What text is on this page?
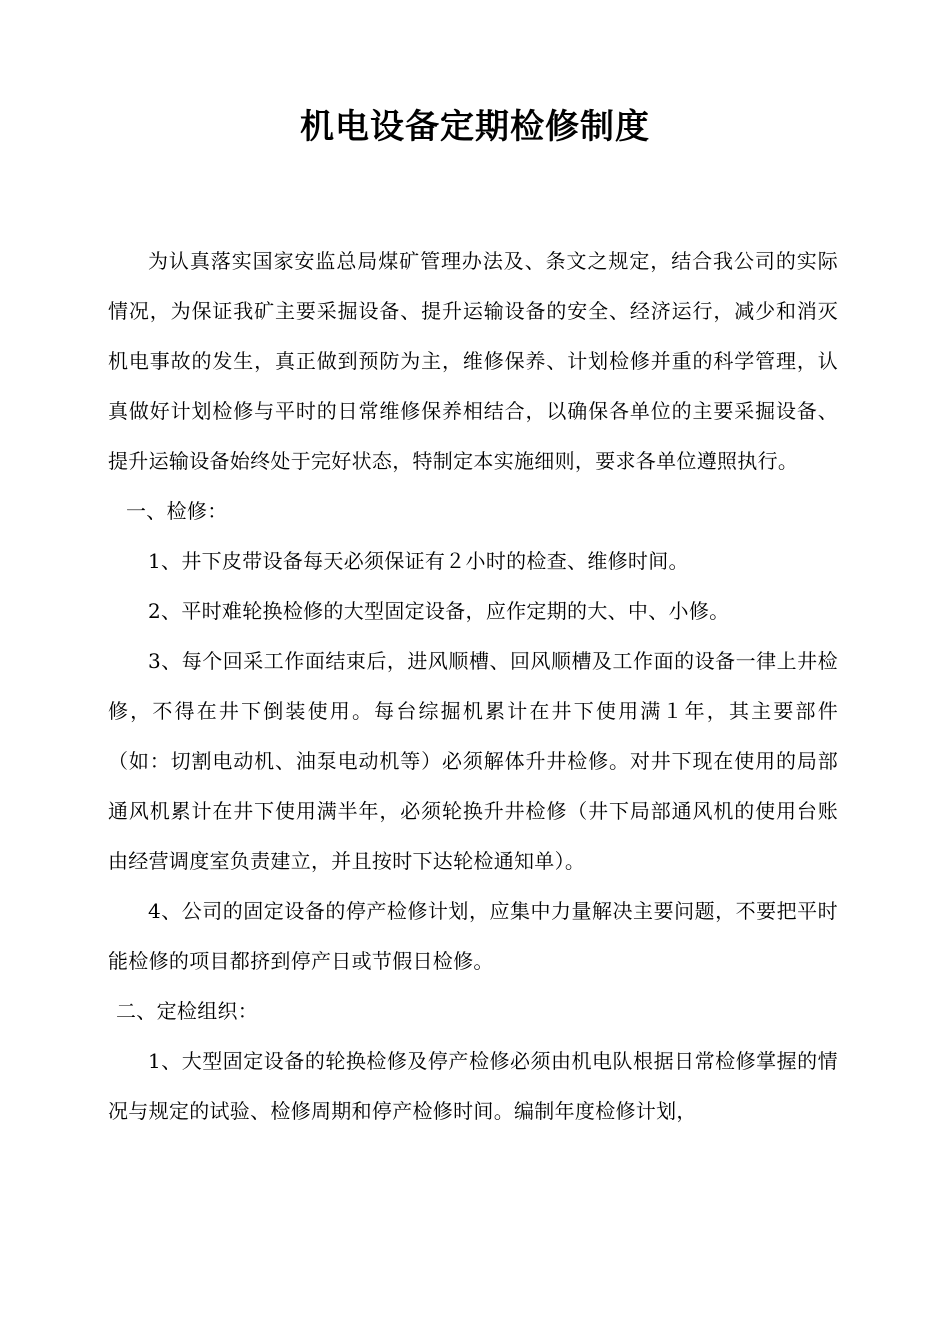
机电设备定期检修制度

为认真落实国家安监总局煤矿管理办法及、条文之规定，结合我公司的实际情况，为保证我矿主要采掘设备、提升运输设备的安全、经济运行，减少和消灭机电事故的发生，真正做到预防为主，维修保养、计划检修并重的科学管理，认真做好计划检修与平时的日常维修保养相结合，以确保各单位的主要采掘设备、提升运输设备始终处于完好状态，特制定本实施细则，要求各单位遵照执行。

一、检修：

1、井下皮带设备每天必须保证有２小时的检查、维修时间。

2、平时难轮换检修的大型固定设备，应作定期的大、中、小修。

3、每个回采工作面结束后，进风顺槽、回风顺槽及工作面的设备一律上井检修，不得在井下倒装使用。每台综掘机累计在井下使用满１年，其主要部件（如：切割电动机、油泵电动机等）必须解体升井检修。对井下现在使用的局部通风机累计在井下使用满半年，必须轮换升井检修（井下局部通风机的使用台账由经营调度室负责建立，并且按时下达轮检通知单）。

4、公司的固定设备的停产检修计划，应集中力量解决主要问题，不要把平时能检修的项目都挤到停产日或节假日检修。

二、定检组织：

1、大型固定设备的轮换检修及停产检修必须由机电队根据日常检修掌握的情况与规定的试验、检修周期和停产检修时间。编制年度检修计划，
